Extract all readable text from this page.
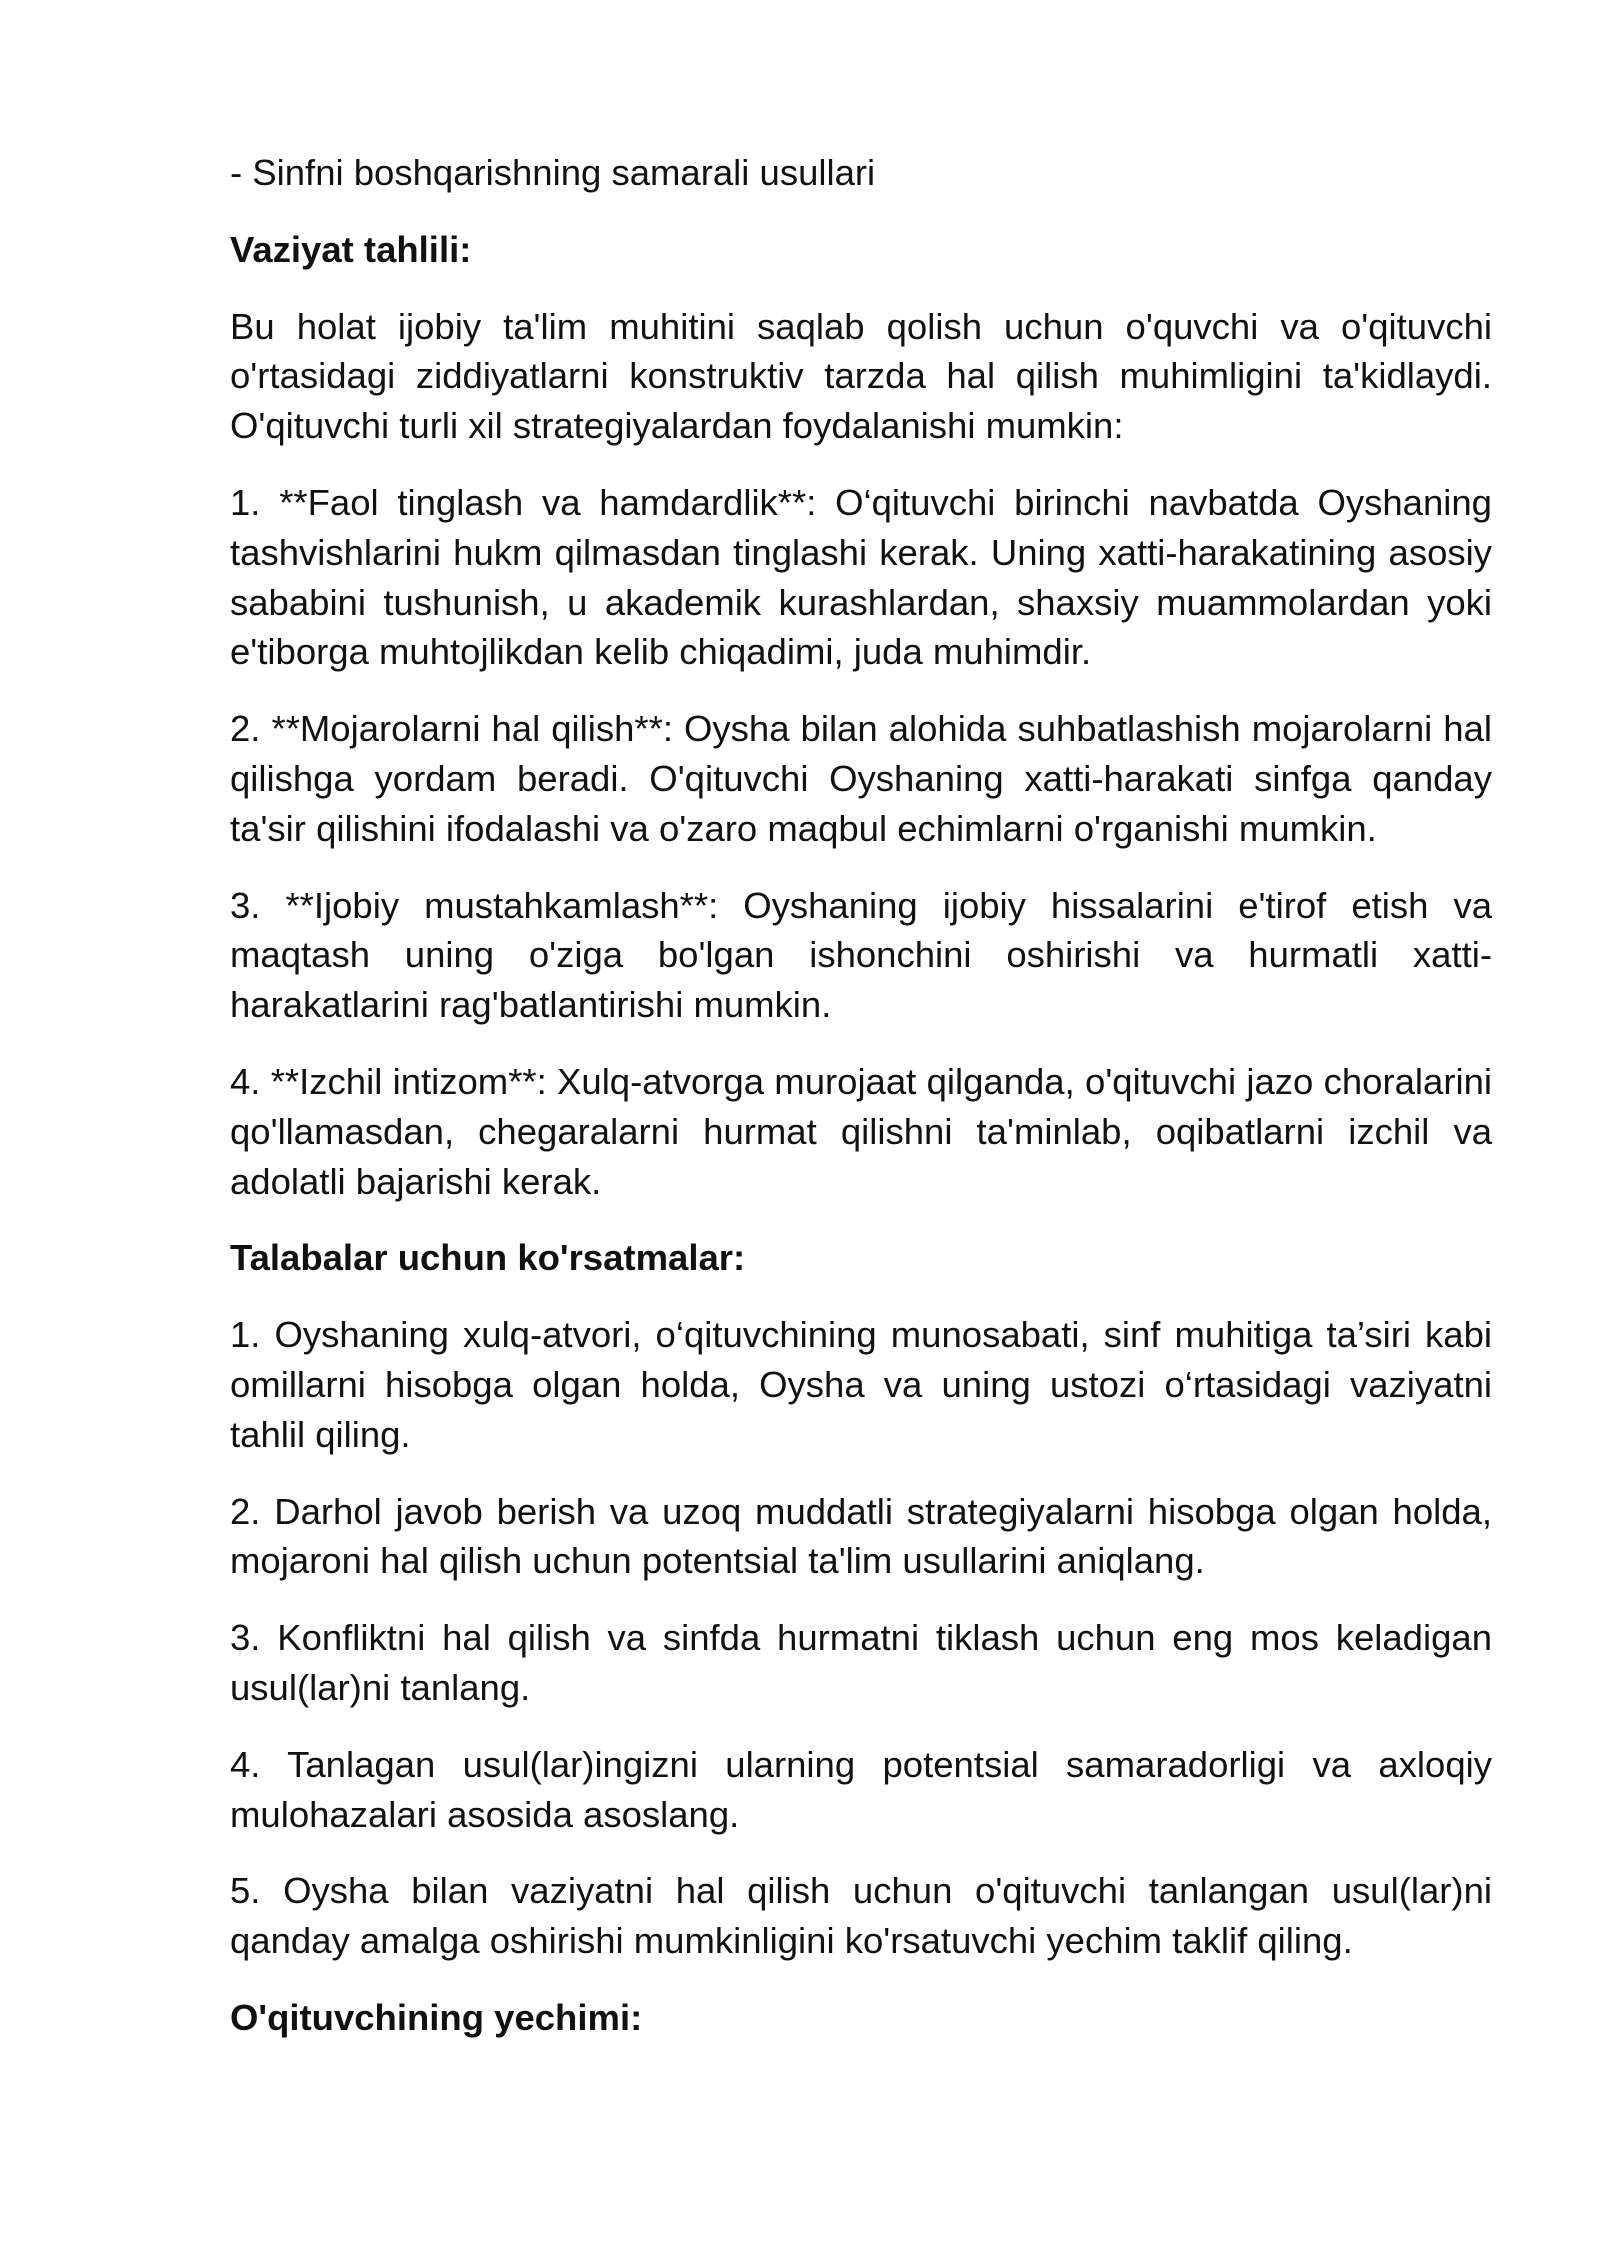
- Sinfni boshqarishning samarali usullari

Vaziyat tahlili:

Bu holat ijobiy ta'lim muhitini saqlab qolish uchun o'quvchi va o'qituvchi o'rtasidagi ziddiyatlarni konstruktiv tarzda hal qilish muhimligini ta'kidlaydi. O'qituvchi turli xil strategiyalardan foydalanishi mumkin:

1. **Faol tinglash va hamdardlik**: O‘qituvchi birinchi navbatda Oyshaning tashvishlarini hukm qilmasdan tinglashi kerak. Uning xatti-harakatining asosiy sababini tushunish, u akademik kurashlardan, shaxsiy muammolardan yoki e'tiborga muhtojlikdan kelib chiqadimi, juda muhimdir.

2. **Mojarolarni hal qilish**: Oysha bilan alohida suhbatlashish mojarolarni hal qilishga yordam beradi. O'qituvchi Oyshaning xatti-harakati sinfga qanday ta'sir qilishini ifodalashi va o'zaro maqbul echimlarni o'rganishi mumkin.

3. **Ijobiy mustahkamlash**: Oyshaning ijobiy hissalarini e'tirof etish va maqtash uning o'ziga bo'lgan ishonchini oshirishi va hurmatli xatti-harakatlarini rag'batlantirishi mumkin.

4. **Izchil intizom**: Xulq-atvorga murojaat qilganda, o'qituvchi jazo choralarini qo'llamasdan, chegaralarni hurmat qilishni ta'minlab, oqibatlarni izchil va adolatli bajarishi kerak.

Talabalar uchun ko'rsatmalar:

1. Oyshaning xulq-atvori, o‘qituvchining munosabati, sinf muhitiga ta’siri kabi omillarni hisobga olgan holda, Oysha va uning ustozi o‘rtasidagi vaziyatni tahlil qiling.

2. Darhol javob berish va uzoq muddatli strategiyalarni hisobga olgan holda, mojaroni hal qilish uchun potentsial ta'lim usullarini aniqlang.

3. Konfliktni hal qilish va sinfda hurmatni tiklash uchun eng mos keladigan usul(lar)ni tanlang.

4. Tanlagan usul(lar)ingizni ularning potentsial samaradorligi va axloqiy mulohazalari asosida asoslang.

5. Oysha bilan vaziyatni hal qilish uchun o'qituvchi tanlangan usul(lar)ni qanday amalga oshirishi mumkinligini ko'rsatuvchi yechim taklif qiling.

O'qituvchining yechimi:
